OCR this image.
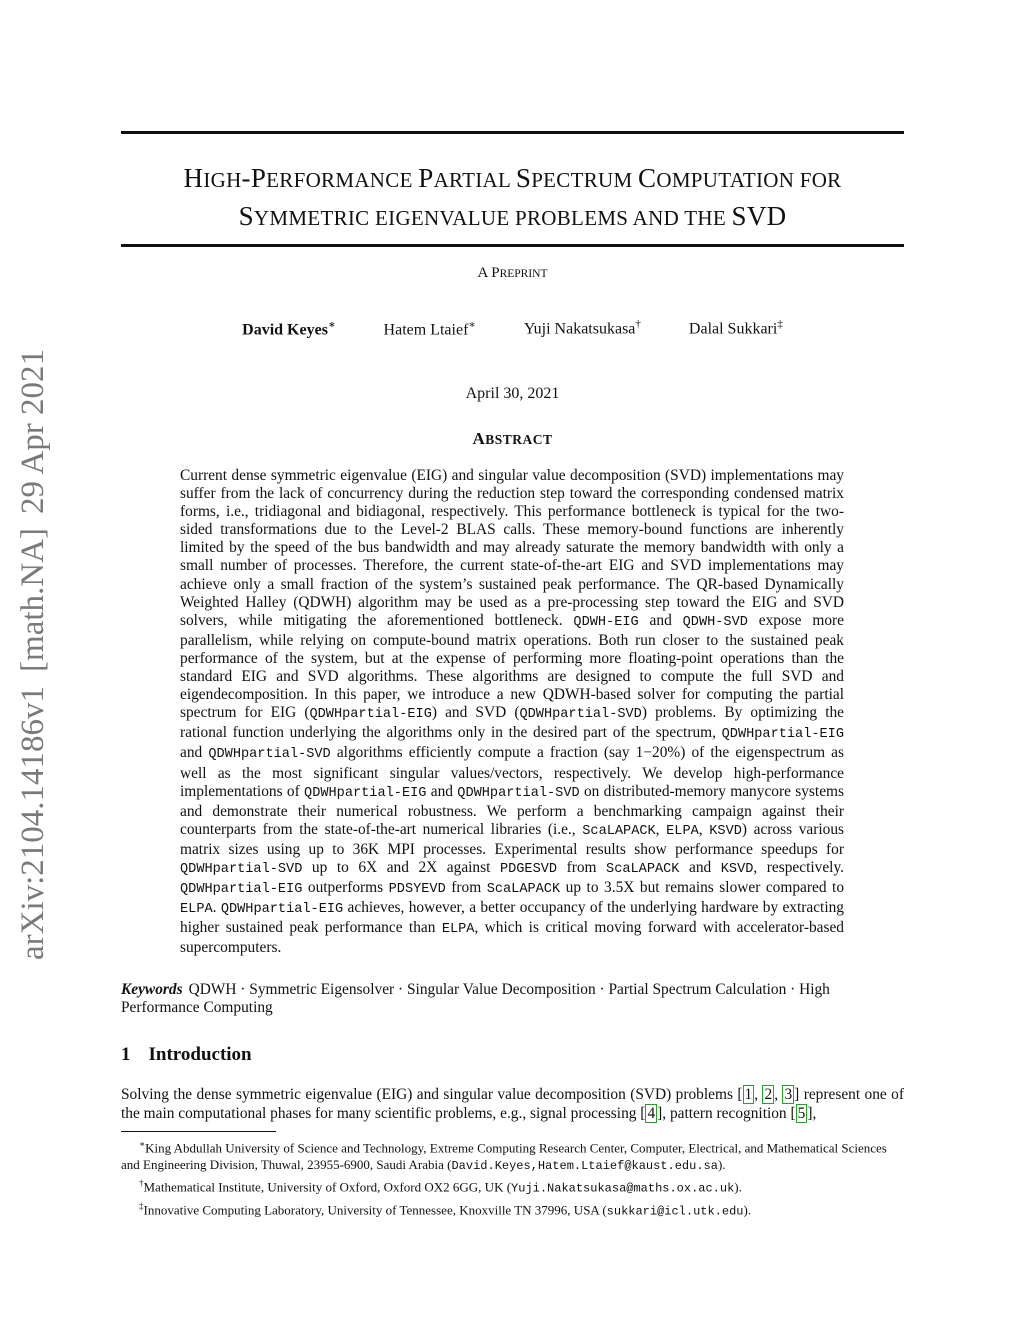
arXiv:2104.14186v1[math.NA]29 Apr 2021
HIGH-PERFORMANCE PARTIAL SPECTRUM COMPUTATION FOR
SYMMETRIC EIGENVALUE PROBLEMS AND THE SVD
A PREPRINT
David Keyes∗	Hatem Ltaief∗	Yuji Nakatsukasa†	Dalal Sukkari‡
April 30, 2021
ABSTRACT
Current dense symmetric eigenvalue (EIG) and singular value decomposition (SVD) implementations may suffer from the lack of concurrency during the reduction step toward the corresponding condensed matrix forms, i.e., tridiagonal and bidiagonal, respectively. This performance bottleneck is typical for the two-sided transformations due to the Level-2 BLAS calls. These memory-bound functions are inherently limited by the speed of the bus bandwidth and may already saturate the memory bandwidth with only a small number of processes. Therefore, the current state-of-the-art EIG and SVD implementations may achieve only a small fraction of the system’s sustained peak performance. The QR-based Dynamically Weighted Halley (QDWH) algorithm may be used as a pre-processing step toward the EIG and SVD solvers, while mitigating the aforementioned bottleneck. QDWH-EIG and QDWH-SVD expose more parallelism, while relying on compute-bound matrix operations. Both run closer to the sustained peak performance of the system, but at the expense of performing more floating-point operations than the standard EIG and SVD algorithms. These algorithms are designed to compute the full SVD and eigendecomposition. In this paper, we introduce a new QDWH-based solver for computing the partial spectrum for EIG (QDWHpartial-EIG) and SVD (QDWHpartial-SVD) problems. By optimizing the rational function underlying the algorithms only in the desired part of the spectrum, QDWHpartial-EIG and QDWHpartial-SVD algorithms efficiently compute a fraction (say 1−20%) of the eigenspectrum as well as the most significant singular values/vectors, respectively. We develop high-performance implementations of QDWHpartial-EIG and QDWHpartial-SVD on distributed-memory manycore systems and demonstrate their numerical robustness. We perform a benchmarking campaign against their counterparts from the state-of-the-art numerical libraries (i.e., ScaLAPACK, ELPA, KSVD) across various matrix sizes using up to 36K MPI processes. Experimental results show performance speedups for QDWHpartial-SVD up to 6X and 2X against PDGESVD from ScaLAPACK and KSVD, respectively. QDWHpartial-EIG outperforms PDSYEVD from ScaLAPACK up to 3.5X but remains slower compared to ELPA. QDWHpartial-EIG achieves, however, a better occupancy of the underlying hardware by extracting higher sustained peak performance than ELPA, which is critical moving forward with accelerator-based supercomputers.
Keywords QDWH · Symmetric Eigensolver · Singular Value Decomposition · Partial Spectrum Calculation · High Performance Computing
1 Introduction
Solving the dense symmetric eigenvalue (EIG) and singular value decomposition (SVD) problems [ 1 , 2 , 3 ] represent one of the main computational phases for many scientific problems, e.g., signal processing [ 4 ], pattern recognition [ 5 ],

∗King Abdullah University of Science and Technology, Extreme Computing Research Center, Computer, Electrical, and Mathematical Sciences and Engineering Division, Thuwal, 23955-6900, Saudi Arabia (David.Keyes,Hatem.Ltaief@kaust.edu.sa).

†Mathematical Institute, University of Oxford, Oxford OX2 6GG, UK (Yuji.Nakatsukasa@maths.ox.ac.uk).

‡Innovative Computing Laboratory, University of Tennessee, Knoxville TN 37996, USA (sukkari@icl.utk.edu).
